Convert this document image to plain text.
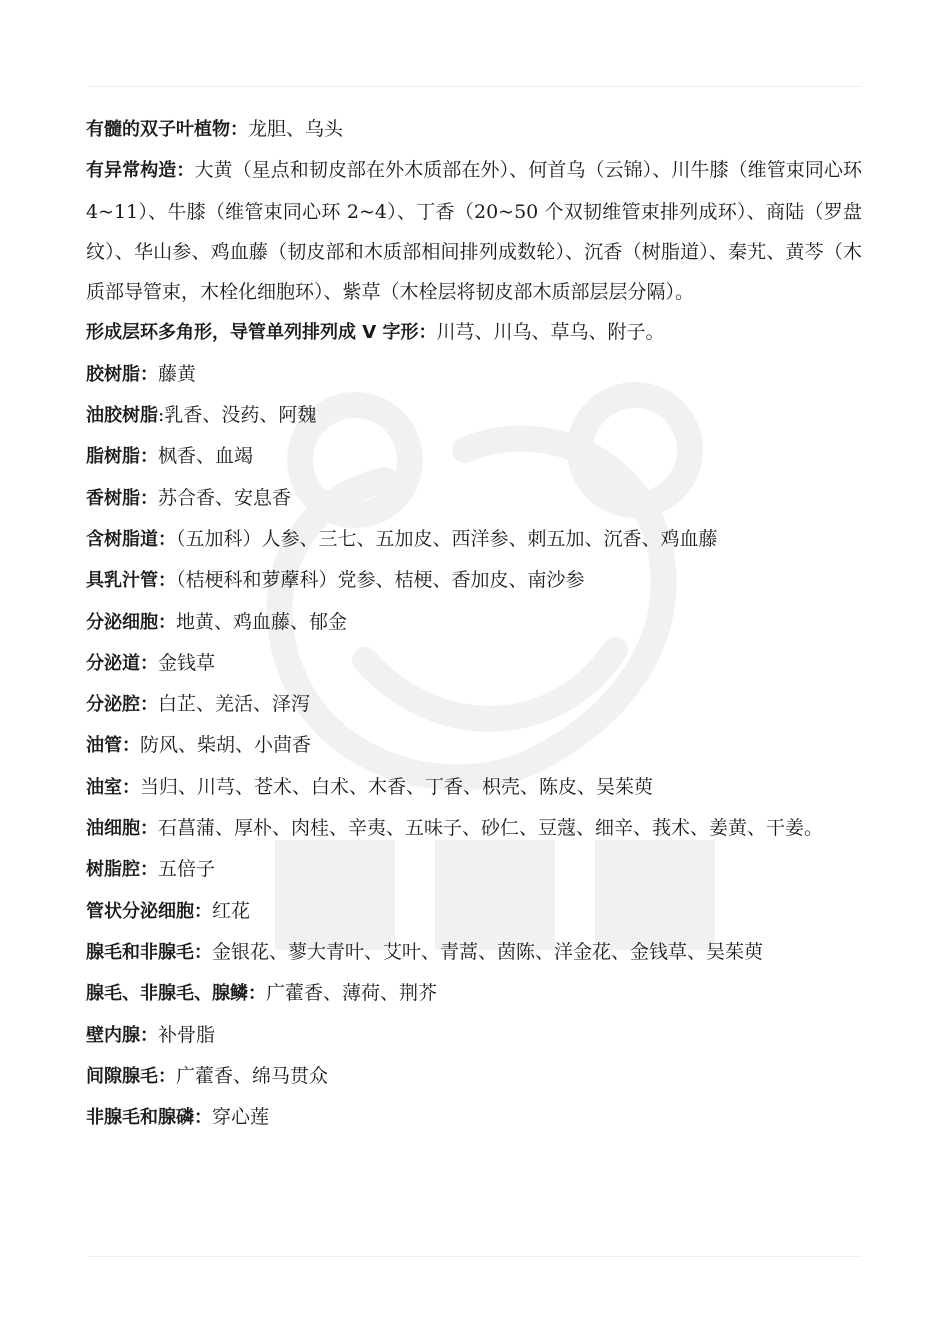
有髓的双子叶植物：龙胆、乌头

有异常构造：大黄（星点和韧皮部在外木质部在外）、何首乌（云锦）、川牛膝（维管束同心环 4~11）、牛膝（维管束同心环 2~4）、丁香（20~50 个双韧维管束排列成环）、商陆（罗盘纹）、华山参、鸡血藤（韧皮部和木质部相间排列成数轮）、沉香（树脂道）、秦艽、黄芩（木质部导管束，木栓化细胞环）、紫草（木栓层将韧皮部木质部层层分隔）。

形成层环多角形，导管单列排列成 V 字形：川芎、川乌、草乌、附子。

胶树脂：藤黄

油胶树脂:乳香、没药、阿魏

脂树脂：枫香、血竭

香树脂：苏合香、安息香

含树脂道：（五加科）人参、三七、五加皮、西洋参、刺五加、沉香、鸡血藤

具乳汁管：（桔梗科和萝藦科）党参、桔梗、香加皮、南沙参

分泌细胞：地黄、鸡血藤、郁金

分泌道：金钱草

分泌腔：白芷、羌活、泽泻

油管：防风、柴胡、小茴香

油室：当归、川芎、苍术、白术、木香、丁香、枳壳、陈皮、吴茱萸

油细胞：石菖蒲、厚朴、肉桂、辛夷、五味子、砂仁、豆蔻、细辛、莪术、姜黄、干姜。

树脂腔：五倍子

管状分泌细胞：红花

腺毛和非腺毛：金银花、蓼大青叶、艾叶、青蒿、茵陈、洋金花、金钱草、吴茱萸

腺毛、非腺毛、腺鳞：广藿香、薄荷、荆芥

壁内腺：补骨脂

间隙腺毛：广藿香、绵马贯众

非腺毛和腺磷：穿心莲
